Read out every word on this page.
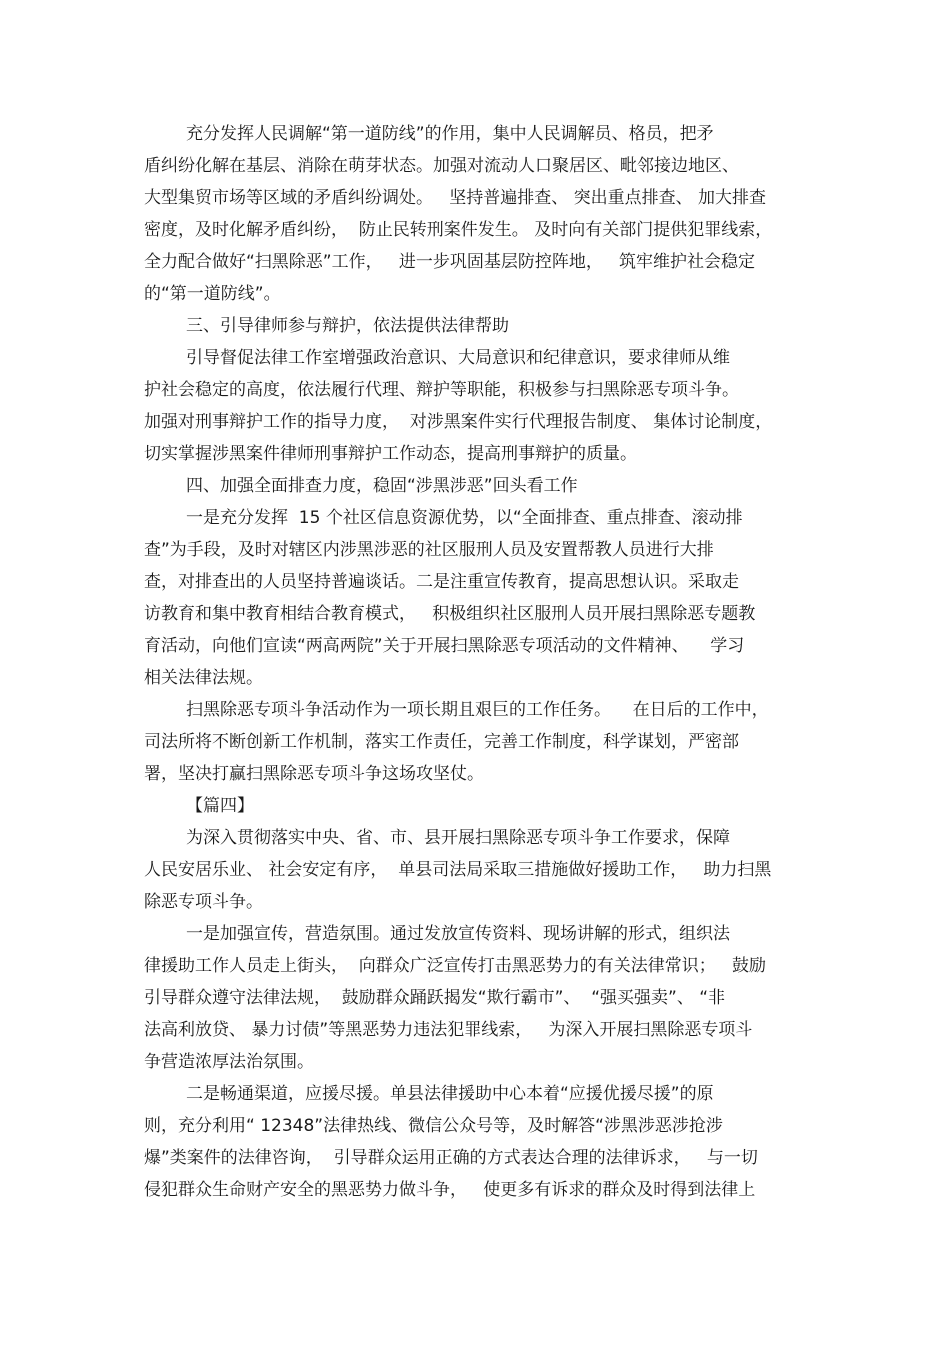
充分发挥人民调解“第一道防线”的作用，集中人民调解员、格员，把矛
盾纠纷化解在基层、消除在萌芽状态。加强对流动人口聚居区、毗邻接边地区、
大型集贸市场等区域的矛盾纠纷调处。   坚持普遍排查、 突出重点排查、 加大排查
密度，及时化解矛盾纠纷，  防止民转刑案件发生。 及时向有关部门提供犯罪线索，
全力配合做好“扫黑除恶”工作，   进一步巩固基层防控阵地，   筑牢维护社会稳定
的“第一道防线”。
三、引导律师参与辩护，依法提供法律帮助
引导督促法律工作室增强政治意识、大局意识和纪律意识，要求律师从维
护社会稳定的高度，依法履行代理、辩护等职能，积极参与扫黑除恶专项斗争。
加强对刑事辩护工作的指导力度，  对涉黑案件实行代理报告制度、 集体讨论制度，
切实掌握涉黑案件律师刑事辩护工作动态，提高刑事辩护的质量。
四、加强全面排查力度，稳固“涉黑涉恶”回头看工作
一是充分发挥  15 个社区信息资源优势，以“全面排查、重点排查、滚动排
查”为手段，及时对辖区内涉黑涉恶的社区服刑人员及安置帮教人员进行大排
查，对排查出的人员坚持普遍谈话。二是注重宣传教育，提高思想认识。采取走
访教育和集中教育相结合教育模式，   积极组织社区服刑人员开展扫黑除恶专题教
育活动，向他们宣读“两高两院”关于开展扫黑除恶专项活动的文件精神、    学习
相关法律法规。
扫黑除恶专项斗争活动作为一项长期且艰巨的工作任务。    在日后的工作中，
司法所将不断创新工作机制，落实工作责任，完善工作制度，科学谋划，严密部
署，坚决打赢扫黑除恶专项斗争这场攻坚仗。
【篇四】
为深入贯彻落实中央、省、市、县开展扫黑除恶专项斗争工作要求，保障
人民安居乐业、 社会安定有序，  单县司法局采取三措施做好援助工作，   助力扫黑
除恶专项斗争。
一是加强宣传，营造氛围。通过发放宣传资料、现场讲解的形式，组织法
律援助工作人员走上街头，  向群众广泛宣传打击黑恶势力的有关法律常识；   鼓励
引导群众遵守法律法规，  鼓励群众踊跃揭发“欺行霸市”、  “强买强卖”、 “非
法高利放贷、 暴力讨债”等黑恶势力违法犯罪线索，   为深入开展扫黑除恶专项斗
争营造浓厚法治氛围。
二是畅通渠道，应援尽援。单县法律援助中心本着“应援优援尽援”的原
则，充分利用“ 12348”法律热线、微信公众号等，及时解答“涉黑涉恶涉抢涉
爆”类案件的法律咨询，  引导群众运用正确的方式表达合理的法律诉求，   与一切
侵犯群众生命财产安全的黑恶势力做斗争，   使更多有诉求的群众及时得到法律上
